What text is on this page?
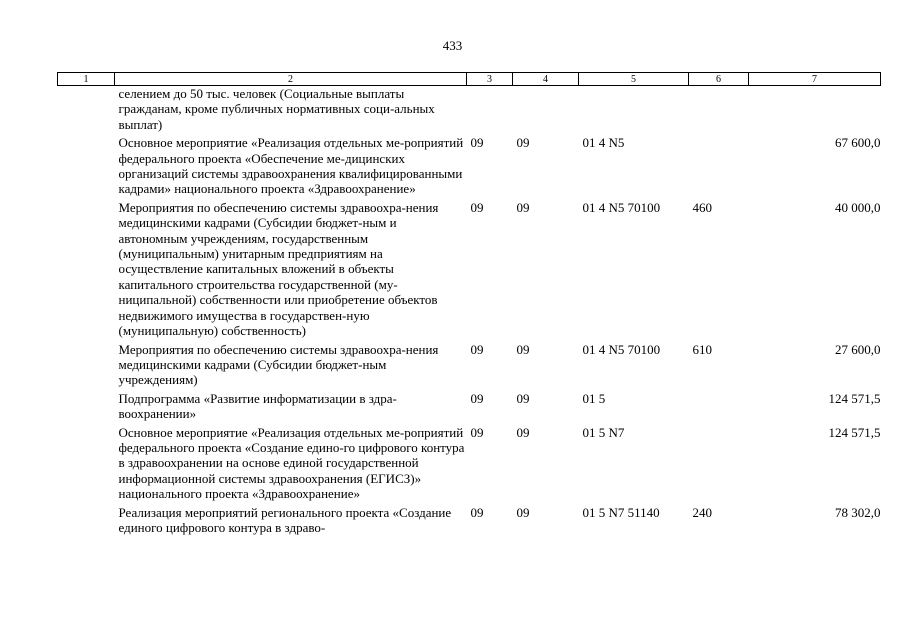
433
1	2	3	4	5	6	7
	селением до 50 тыс. человек (Социальные выплаты гражданам, кроме публичных нормативных соци-альных выплат)					
	Основное мероприятие «Реализация отдельных ме-роприятий федерального проекта «Обеспечение ме-дицинских организаций системы здравоохранения квалифицированными кадрами» национального проекта «Здравоохранение»	09	09	01 4 N5		67 600,0
	Мероприятия по обеспечению системы здравоохра-нения медицинскими кадрами (Субсидии бюджет-ным и автономным учреждениям, государственным (муниципальным) унитарным предприятиям на осуществление капитальных вложений в объекты капитального строительства государственной (му-ниципальной) собственности или приобретение объектов недвижимого имущества в государствен-ную (муниципальную) собственность)	09	09	01 4 N5 70100	460	40 000,0
	Мероприятия по обеспечению системы здравоохра-нения медицинскими кадрами (Субсидии бюджет-ным учреждениям)	09	09	01 4 N5 70100	610	27 600,0
	Подпрограмма «Развитие информатизации в здра-воохранении»	09	09	01 5		124 571,5
	Основное мероприятие «Реализация отдельных ме-роприятий федерального проекта «Создание едино-го цифрового контура в здравоохранении на основе единой государственной информационной системы здравоохранения (ЕГИСЗ)» национального проекта «Здравоохранение»	09	09	01 5 N7		124 571,5
	Реализация мероприятий регионального проекта «Создание единого цифрового контура в здраво-	09	09	01 5 N7 51140	240	78 302,0
